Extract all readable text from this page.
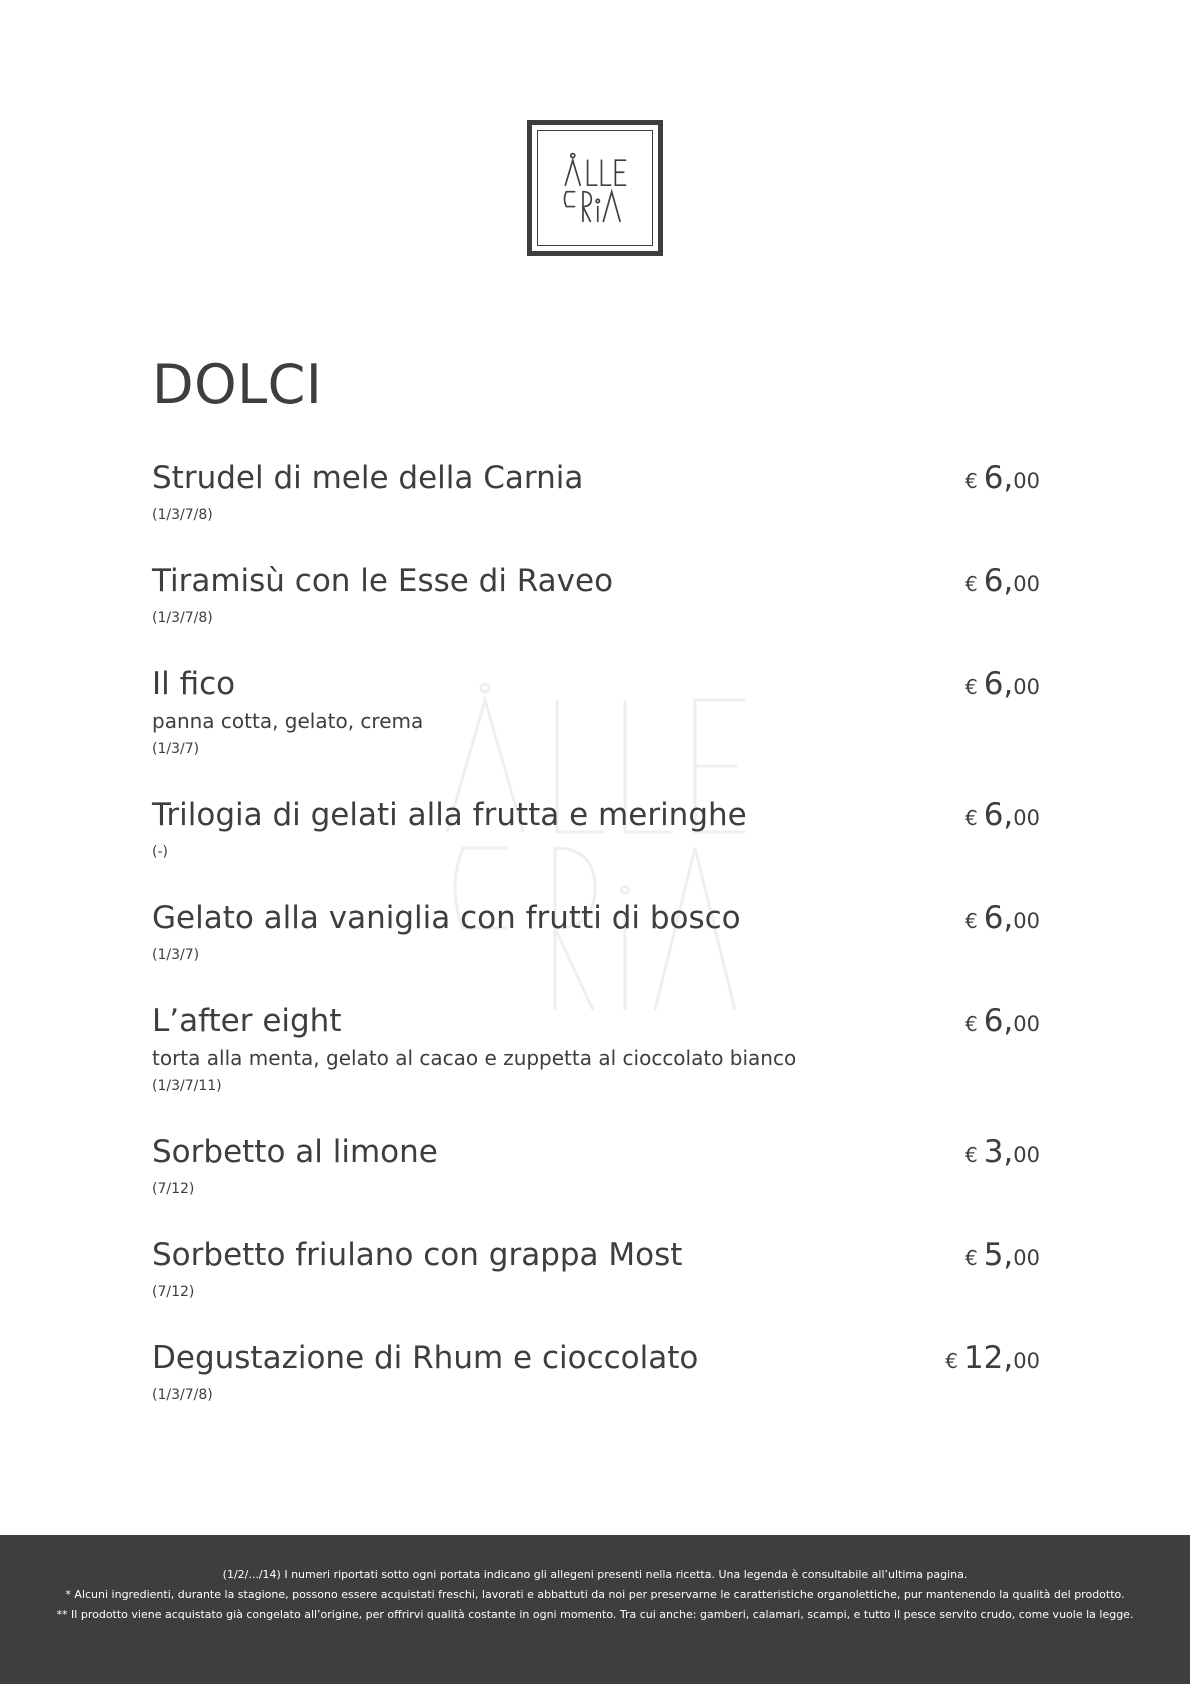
DOLCI
Strudel di mele della Carnia
(1/3/7/8)
€ 6,00
Tiramisù con le Esse di Raveo
(1/3/7/8)
€ 6,00
Il fico
panna cotta, gelato, crema
(1/3/7)
€ 6,00
Trilogia di gelati alla frutta e meringhe
(-)
€ 6,00
Gelato alla vaniglia con frutti di bosco
(1/3/7)
€ 6,00
L’after eight
torta alla menta, gelato al cacao e zuppetta al cioccolato bianco
(1/3/7/11)
€ 6,00
Sorbetto al limone
(7/12)
€ 3,00
Sorbetto friulano con grappa Most
(7/12)
€ 5,00
Degustazione di Rhum e cioccolato
(1/3/7/8)
€ 12,00
(1/2/.../14) I numeri riportati sotto ogni portata indicano gli allegeni presenti nella ricetta. Una legenda è consultabile all’ultima pagina.
* Alcuni ingredienti, durante la stagione, possono essere acquistati freschi, lavorati e abbattuti da noi per preservarne le caratteristiche organolettiche, pur mantenendo la qualità del prodotto.
** Il prodotto viene acquistato già congelato all’origine, per offrirvi qualità costante in ogni momento. Tra cui anche: gamberi, calamari, scampi, e tutto il pesce servito crudo, come vuole la legge.
